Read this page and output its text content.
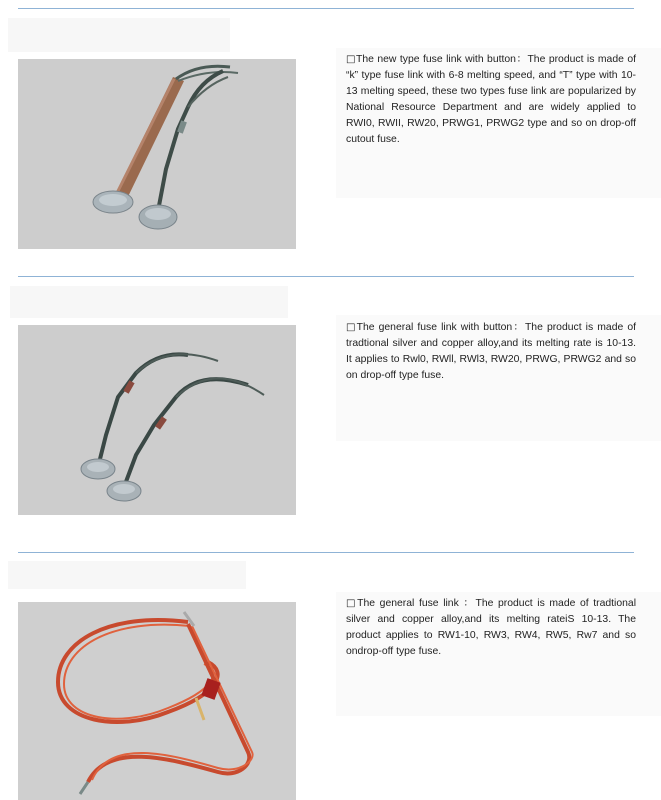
□The new type fuse link with button：The product is made of “k” type fuse link with 6-8 melting speed, and “T” type with 10-13 melting speed, these two types fuse link are popularized by National Resource Department and are widely applied to RWI0, RWII, RW20, PRWG1, PRWG2 type and so on drop-off cutout fuse.

□The general fuse link with button：The product is made of tradtional silver and copper alloy,and its melting rate is 10-13. It applies to Rwl0, RWll, RWl3, RW20, PRWG, PRWG2 and so on drop-off type fuse.

□The general fuse link ：The product is made of tradtional silver and copper alloy,and its melting rateiS 10-13. The product applies to RW1-10, RW3, RW4, RW5, Rw7 and so ondrop-off type fuse.
